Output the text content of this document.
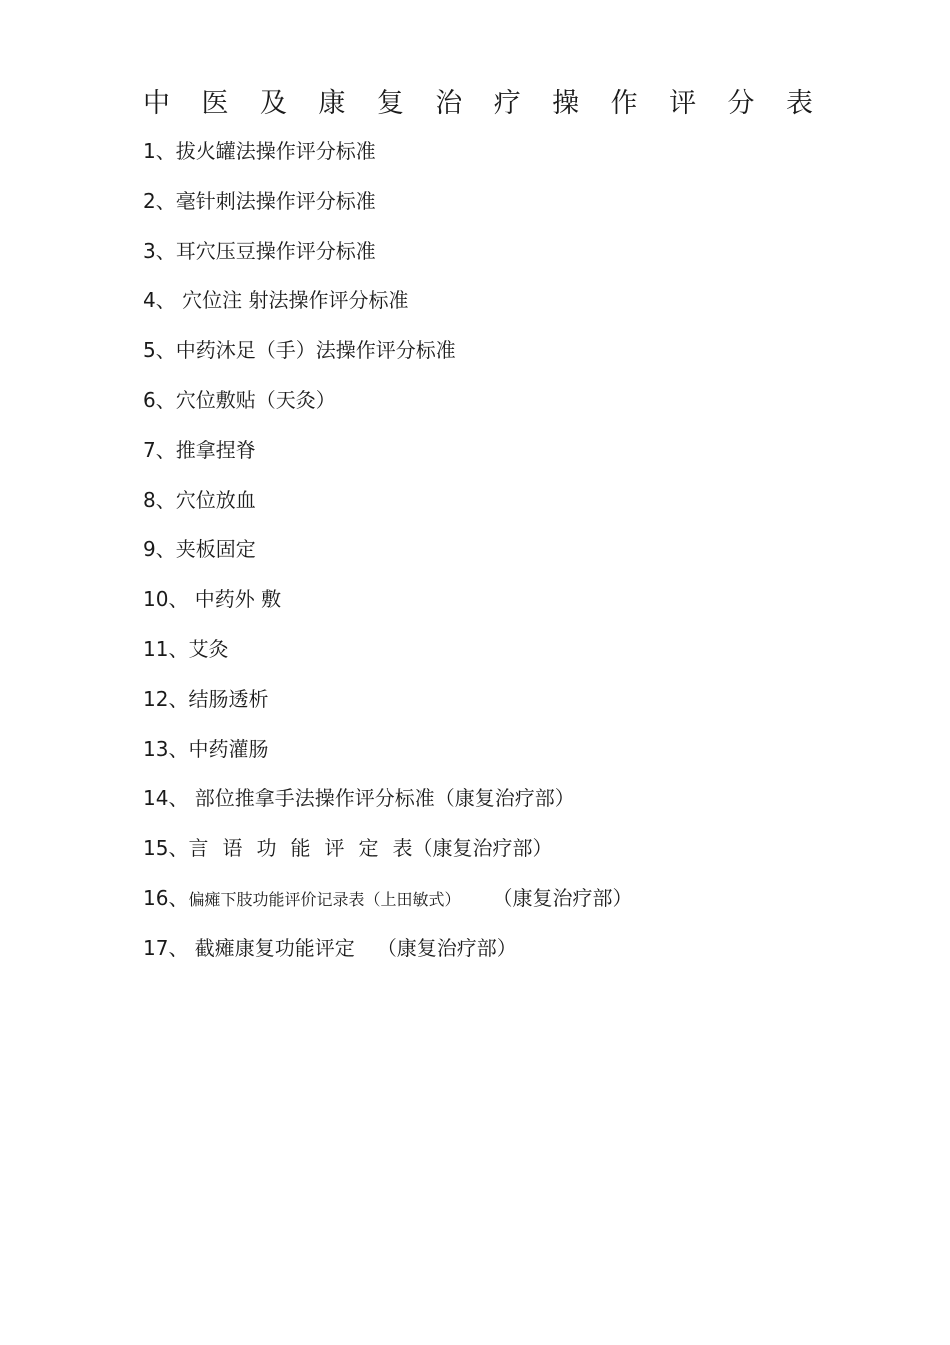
中 医 及 康 复 治 疗 操 作 评 分 表
1、拔火罐法操作评分标准
2、毫针刺法操作评分标准
3、耳穴压豆操作评分标准
4、 穴位注 射法操作评分标准
5、中药沐足（手）法操作评分标准
6、穴位敷贴（天灸）
7、推拿捏脊
8、穴位放血
9、夹板固定
10、 中药外 敷
11、艾灸
12、结肠透析
13、中药灌肠
14、 部位推拿手法操作评分标准（康复治疗部）
15、言 语 功 能 评 定 表（康复治疗部）
16、偏瘫下肢功能评价记录表（上田敏式） （康复治疗部）
17、 截瘫康复功能评定 （康复治疗部）
